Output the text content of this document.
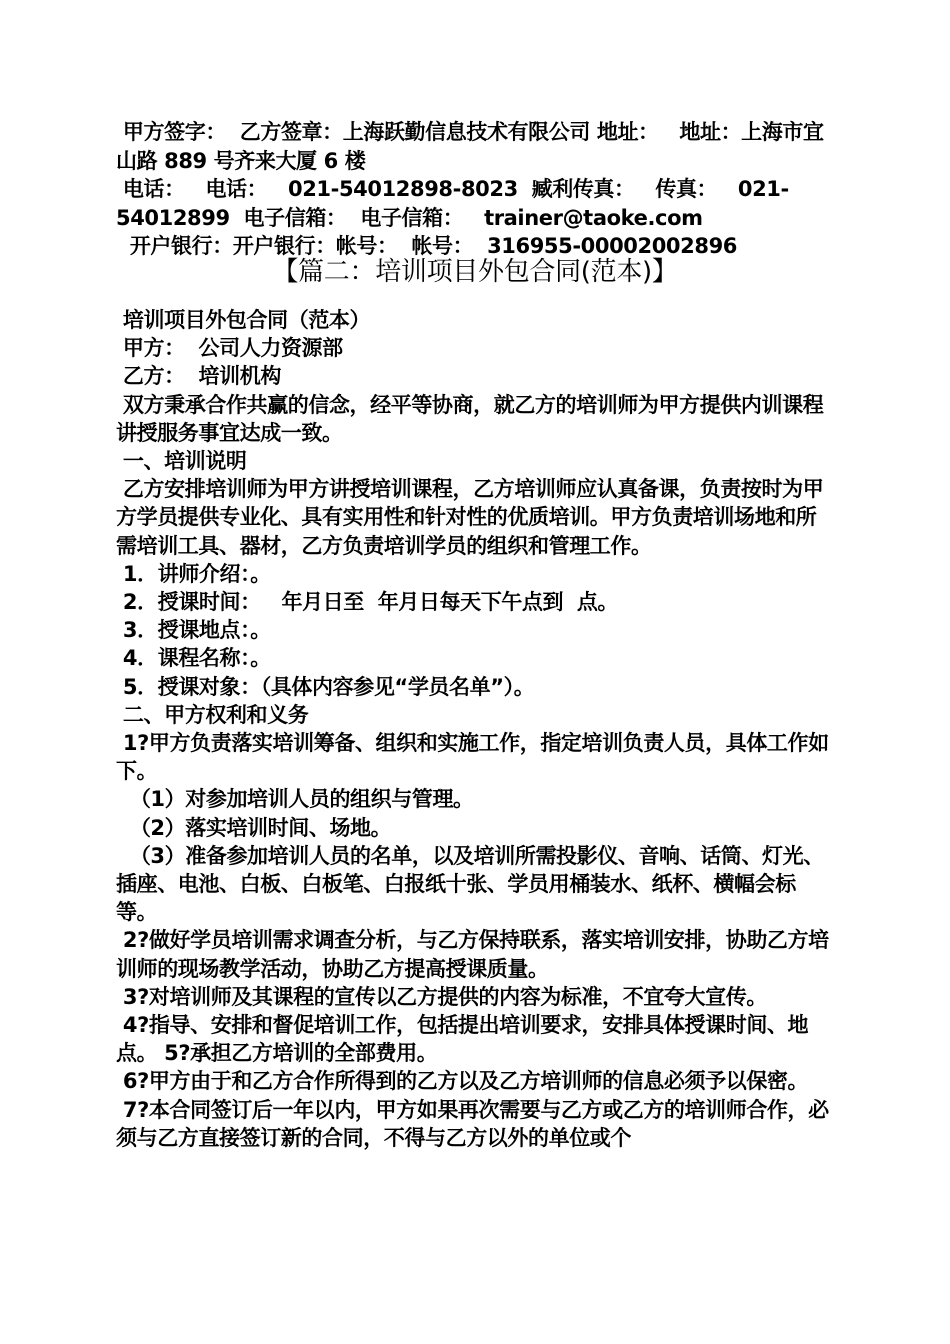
甲方签字：  乙方签章：上海跃勤信息技术有限公司 地址：   地址：上海市宜山路 889 号齐来大厦 6 楼

电话：   电话：   021-54012898-8023  臧利传真：   传真：   021-54012899  电子信箱：  电子信箱：   trainer@taoke.com

开户银行：开户银行：帐号：  帐号：  316955-00002002896

【篇二：培训项目外包合同(范本)】

培训项目外包合同（范本）

甲方：  公司人力资源部

乙方：  培训机构

双方秉承合作共赢的信念，经平等协商，就乙方的培训师为甲方提供内训课程讲授服务事宜达成一致。

一、培训说明

乙方安排培训师为甲方讲授培训课程，乙方培训师应认真备课，负责按时为甲方学员提供专业化、具有实用性和针对性的优质培训。甲方负责培训场地和所需培训工具、器材，乙方负责培训学员的组织和管理工作。

1．讲师介绍：。

2．授课时间：   年月日至  年月日每天下午点到  点。

3．授课地点：。

4．课程名称：。

5．授课对象：（具体内容参见“学员名单”）。

二、甲方权利和义务

1?甲方负责落实培训筹备、组织和实施工作，指定培训负责人员，具体工作如下。

（1）对参加培训人员的组织与管理。

（2）落实培训时间、场地。

（3）准备参加培训人员的名单，以及培训所需投影仪、音响、话筒、灯光、插座、电池、白板、白板笔、白报纸十张、学员用桶装水、纸杯、横幅会标等。

2?做好学员培训需求调查分析，与乙方保持联系，落实培训安排，协助乙方培训师的现场教学活动，协助乙方提高授课质量。

3?对培训师及其课程的宣传以乙方提供的内容为标准，不宜夸大宣传。

4?指导、安排和督促培训工作，包括提出培训要求，安排具体授课时间、地点。 5?承担乙方培训的全部费用。

6?甲方由于和乙方合作所得到的乙方以及乙方培训师的信息必须予以保密。

7?本合同签订后一年以内，甲方如果再次需要与乙方或乙方的培训师合作，必须与乙方直接签订新的合同，不得与乙方以外的单位或个
